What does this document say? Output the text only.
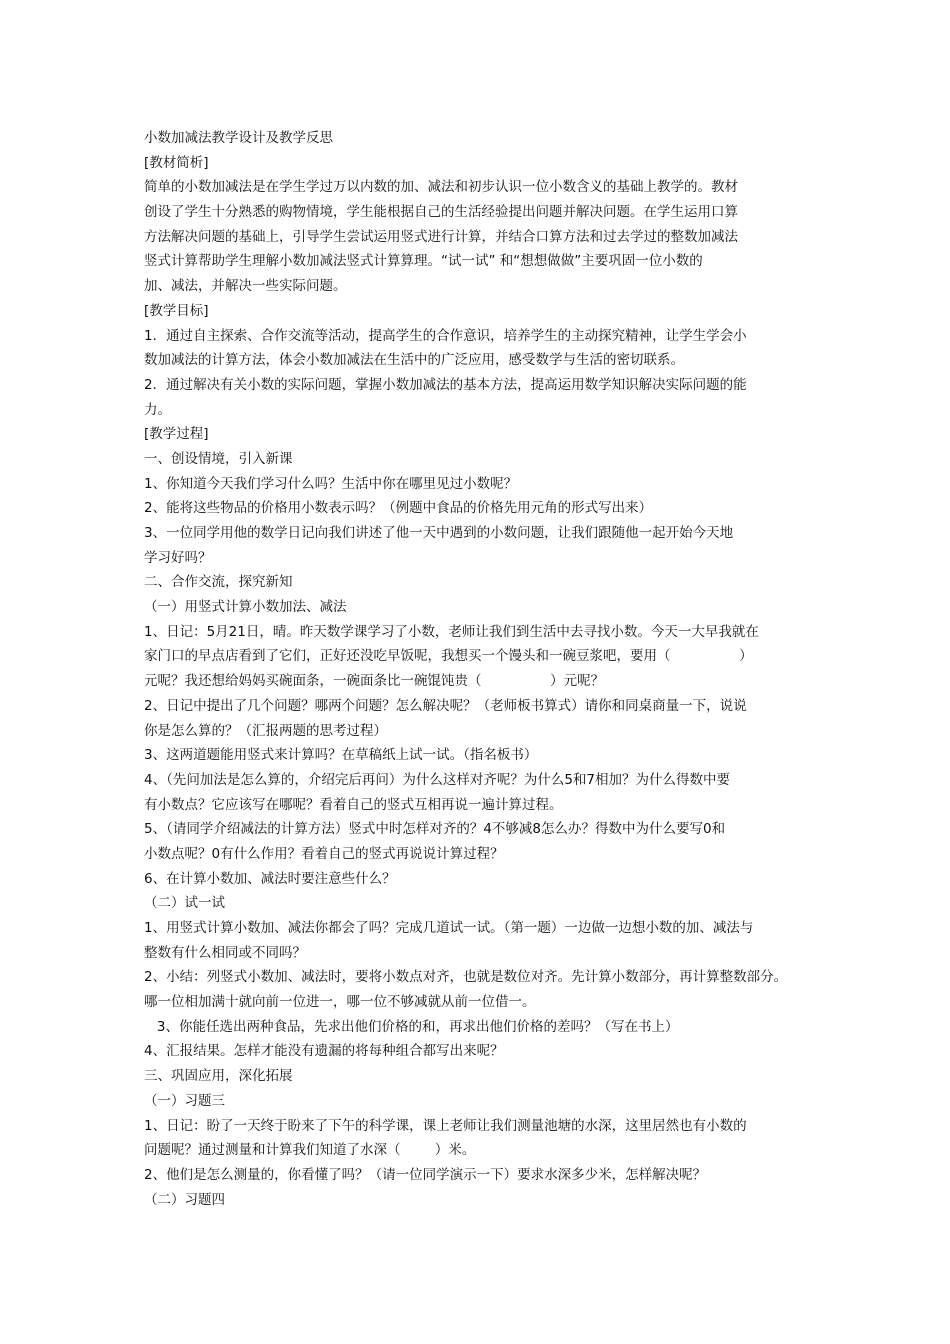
小数加减法教学设计及教学反思
[教材简析]
简单的小数加减法是在学生学过万以内数的加、减法和初步认识一位小数含义的基础上教学的。教材
创设了学生十分熟悉的购物情境，学生能根据自己的生活经验提出问题并解决问题。在学生运用口算
方法解决问题的基础上，引导学生尝试运用竖式进行计算，并结合口算方法和过去学过的整数加减法
竖式计算帮助学生理解小数加减法竖式计算算理。“试一试” 和“想想做做”主要巩固一位小数的
加、减法，并解决一些实际问题。
[教学目标]
1．通过自主探索、合作交流等活动，提高学生的合作意识，培养学生的主动探究精神，让学生学会小
数加减法的计算方法，体会小数加减法在生活中的广泛应用，感受数学与生活的密切联系。
2．通过解决有关小数的实际问题，掌握小数加减法的基本方法，提高运用数学知识解决实际问题的能
力。
[教学过程]
一、创设情境，引入新课
1、你知道今天我们学习什么吗？生活中你在哪里见过小数呢？
2、能将这些物品的价格用小数表示吗？（例题中食品的价格先用元角的形式写出来）
3、一位同学用他的数学日记向我们讲述了他一天中遇到的小数问题，让我们跟随他一起开始今天地
学习好吗？
二、合作交流，探究新知
（一）用竖式计算小数加法、减法
1、日记：5月21日，晴。昨天数学课学习了小数，老师让我们到生活中去寻找小数。今天一大早我就在
家门口的早点店看到了它们，正好还没吃早饭呢，我想买一个馒头和一碗豆浆吧，要用（                ）
元呢？我还想给妈妈买碗面条，一碗面条比一碗馄饨贵（                ）元呢？
2、日记中提出了几个问题？哪两个问题？怎么解决呢？（老师板书算式）请你和同桌商量一下，说说
你是怎么算的？（汇报两题的思考过程）
3、这两道题能用竖式来计算吗？在草稿纸上试一试。（指名板书）
4、（先问加法是怎么算的，介绍完后再问）为什么这样对齐呢？为什么5和7相加？为什么得数中要
有小数点？它应该写在哪呢？看着自己的竖式互相再说一遍计算过程。
5、（请同学介绍减法的计算方法）竖式中时怎样对齐的？4不够减8怎么办？得数中为什么要写0和
小数点呢？0有什么作用？看着自己的竖式再说说计算过程？
6、在计算小数加、减法时要注意些什么？
（二）试一试
1、用竖式计算小数加、减法你都会了吗？完成几道试一试。（第一题）一边做一边想小数的加、减法与
整数有什么相同或不同吗？
2、小结：列竖式小数加、减法时，要将小数点对齐，也就是数位对齐。先计算小数部分，再计算整数部分。
哪一位相加满十就向前一位进一，哪一位不够减就从前一位借一。
3、你能任选出两种食品，先求出他们价格的和，再求出他们价格的差吗？（写在书上）
4、汇报结果。怎样才能没有遗漏的将每种组合都写出来呢？
三、巩固应用，深化拓展
（一）习题三
1、日记：盼了一天终于盼来了下午的科学课，课上老师让我们测量池塘的水深，这里居然也有小数的
问题呢？通过测量和计算我们知道了水深（        ）米。
2、他们是怎么测量的，你看懂了吗？（请一位同学演示一下）要求水深多少米，怎样解决呢？
（二）习题四
